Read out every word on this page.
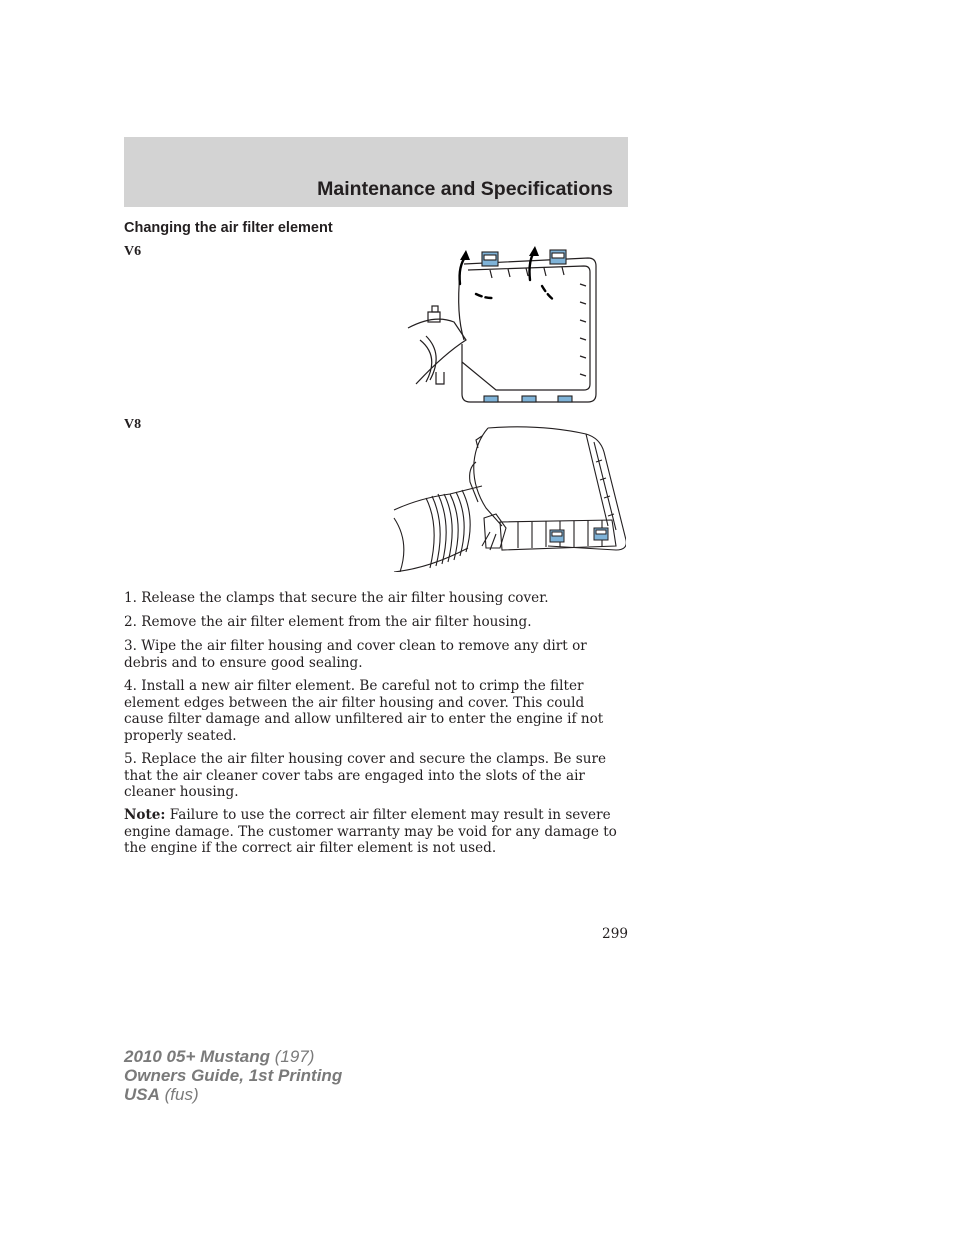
Maintenance and Specifications
Changing the air filter element
V6
V8
1. Release the clamps that secure the air filter housing cover.
2. Remove the air filter element from the air filter housing.
3. Wipe the air filter housing and cover clean to remove any dirt or debris and to ensure good sealing.
4. Install a new air filter element. Be careful not to crimp the filter element edges between the air filter housing and cover. This could cause filter damage and allow unfiltered air to enter the engine if not properly seated.
5. Replace the air filter housing cover and secure the clamps. Be sure that the air cleaner cover tabs are engaged into the slots of the air cleaner housing.
Note: Failure to use the correct air filter element may result in severe engine damage. The customer warranty may be void for any damage to the engine if the correct air filter element is not used.
299
2010 05+ Mustang (197)
Owners Guide, 1st Printing
USA (fus)
